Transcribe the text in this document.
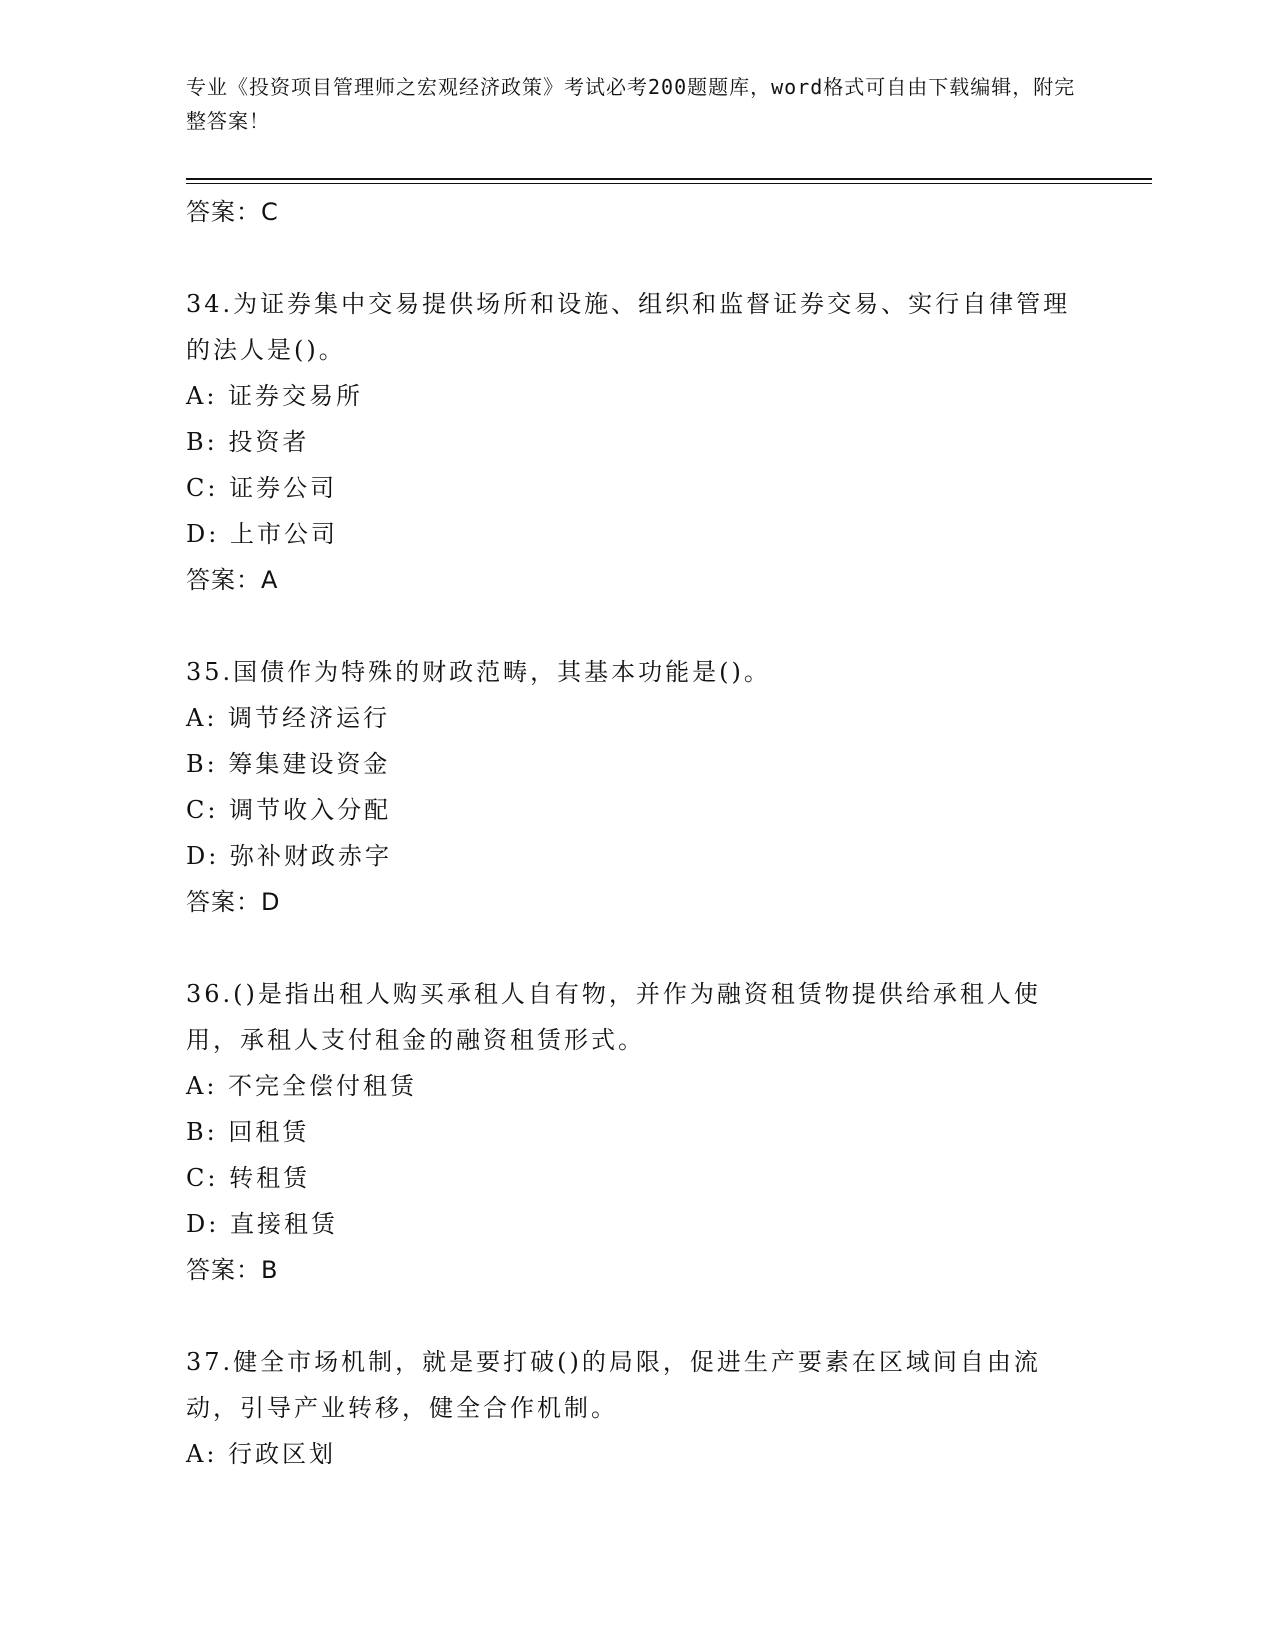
专业《投资项目管理师之宏观经济政策》考试必考200题题库，word格式可自由下载编辑，附完整答案！
答案：C
34.为证券集中交易提供场所和设施、组织和监督证券交易、实行自律管理的法人是()。
A: 证券交易所
B: 投资者
C: 证券公司
D: 上市公司
答案：A
35.国债作为特殊的财政范畴，其基本功能是()。
A: 调节经济运行
B: 筹集建设资金
C: 调节收入分配
D: 弥补财政赤字
答案：D
36.()是指出租人购买承租人自有物，并作为融资租赁物提供给承租人使用，承租人支付租金的融资租赁形式。
A: 不完全偿付租赁
B: 回租赁
C: 转租赁
D: 直接租赁
答案：B
37.健全市场机制，就是要打破()的局限，促进生产要素在区域间自由流动，引导产业转移，健全合作机制。
A: 行政区划
